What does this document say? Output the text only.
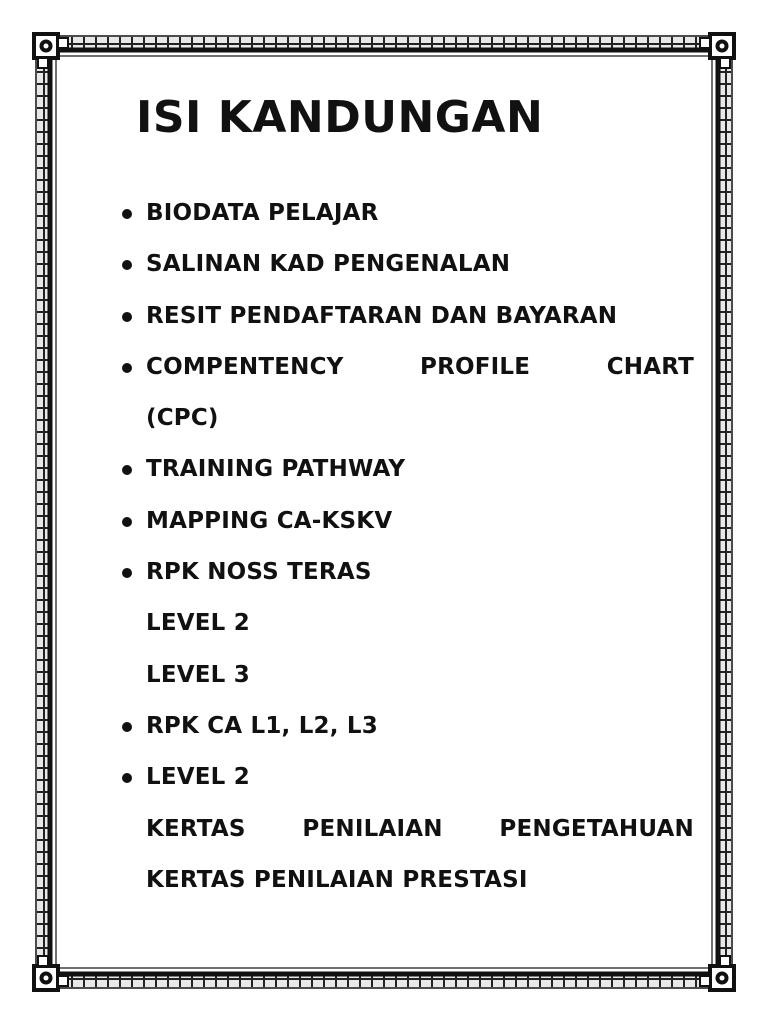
ISI KANDUNGAN
BIODATA PELAJAR
SALINAN KAD PENGENALAN
RESIT PENDAFTARAN DAN BAYARAN
COMPENTENCY	PROFILE	CHART
(CPC)
TRAINING PATHWAY
MAPPING CA-KSKV
RPK NOSS TERAS
LEVEL 2
LEVEL 3
RPK CA L1, L2, L3
LEVEL 2
KERTAS PENILAIAN PENGETAHUAN
KERTAS PENILAIAN PRESTASI
